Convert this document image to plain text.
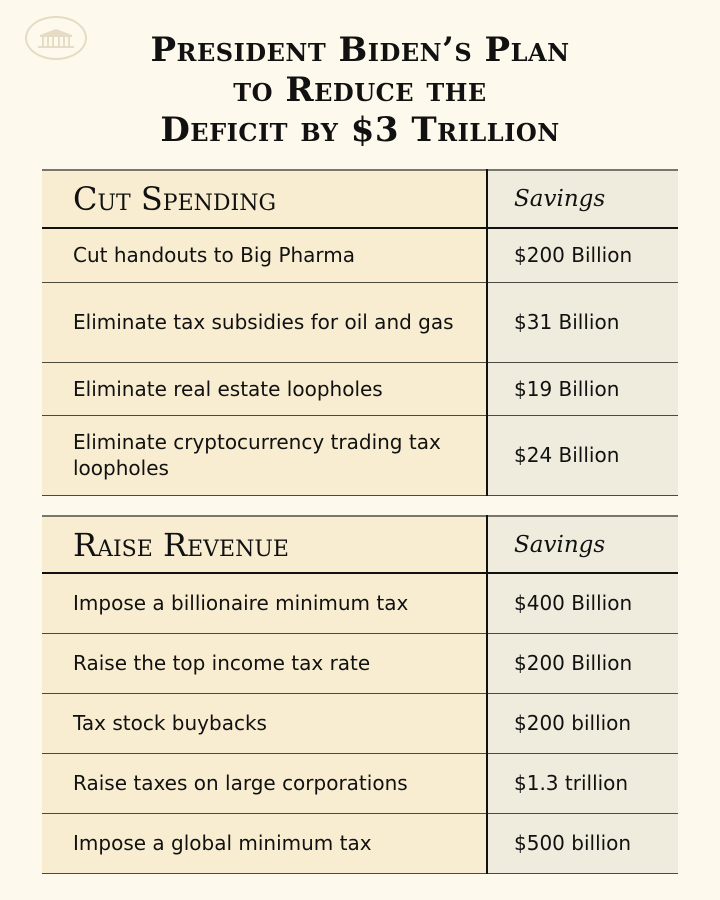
President Biden’s Plan
to Reduce the
Deficit by $3 Trillion
Cut Spending	Savings
Cut handouts to Big Pharma	$200 Billion
Eliminate tax subsidies for oil and gas	$31 Billion
Eliminate real estate loopholes	$19 Billion
Eliminate cryptocurrency trading tax loopholes	$24 Billion
Raise Revenue	Savings
Impose a billionaire minimum tax	$400 Billion
Raise the top income tax rate	$200 Billion
Tax stock buybacks	$200 billion
Raise taxes on large corporations	$1.3 trillion
Impose a global minimum tax	$500 billion
